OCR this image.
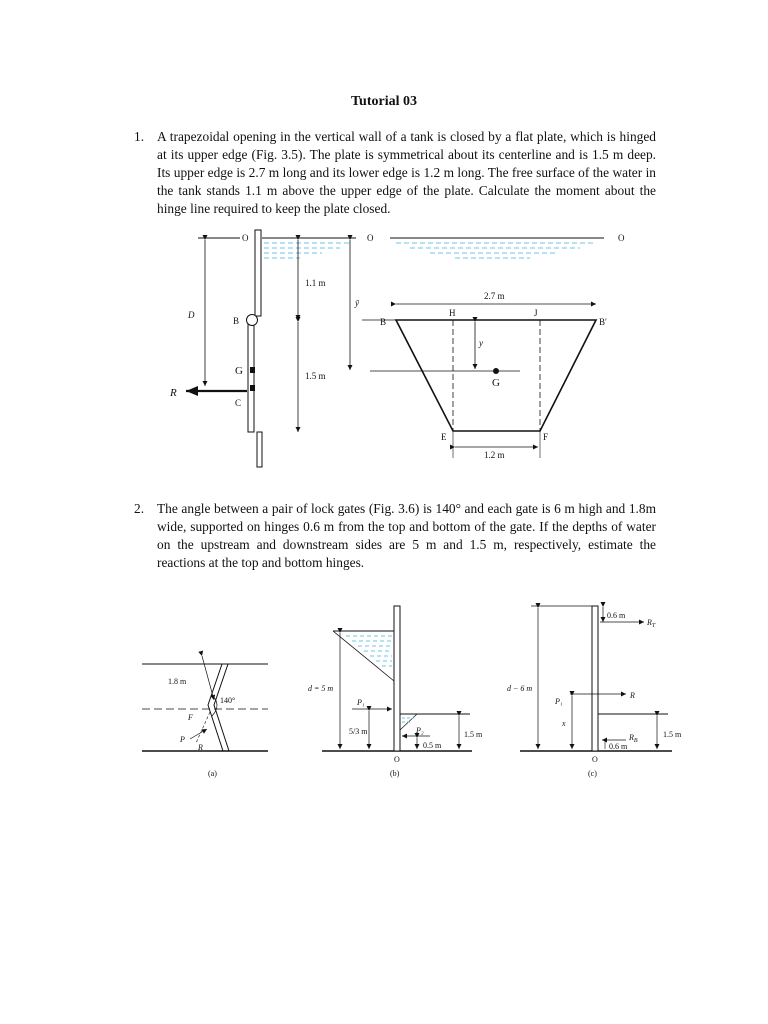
Tutorial 03
1. A trapezoidal opening in the vertical wall of a tank is closed by a flat plate, which is hinged at its upper edge (Fig. 3.5). The plate is symmetrical about its centerline and is 1.5 m deep. Its upper edge is 2.7 m long and its lower edge is 1.2 m long. The free surface of the water in the tank stands 1.1 m above the upper edge of the plate. Calculate the moment about the hinge line required to keep the plate closed.
2. The angle between a pair of lock gates (Fig. 3.6) is 140° and each gate is 6 m high and 1.8m wide, supported on hinges 0.6 m from the top and bottom of the gate. If the depths of water on the upstream and downstream sides are 5 m and 1.5 m, respectively, estimate the reactions at the top and bottom hinges.
O
B
G
C
D
R
1.1 m
1.5 m
ȳ
O	O
2.7 m
B
H	J
B′
y
G
E	F
1.2 m
1.8 m
140°
F
P
R
(a)
d = 5 m
P₁
5/3 m	P₂
0.5 m
1.5 m
O
(b)
0.6 m
$R_T$
d − 6 m
P₁
R
x
$R_B$
0.6 m
1.5 m
O
(c)
